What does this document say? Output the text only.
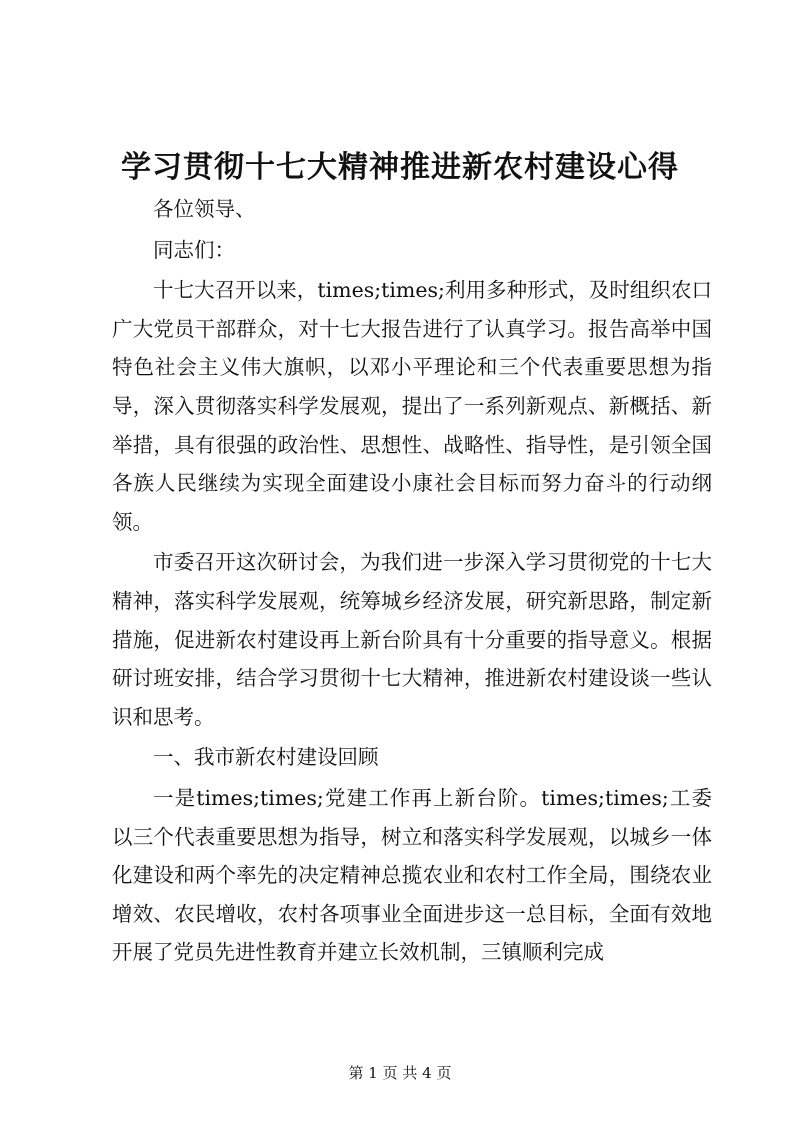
学习贯彻十七大精神推进新农村建设心得

各位领导、

同志们：

十七大召开以来，times;times;利用多种形式，及时组织农口广大党员干部群众，对十七大报告进行了认真学习。报告高举中国特色社会主义伟大旗帜，以邓小平理论和三个代表重要思想为指导，深入贯彻落实科学发展观，提出了一系列新观点、新概括、新举措，具有很强的政治性、思想性、战略性、指导性，是引领全国各族人民继续为实现全面建设小康社会目标而努力奋斗的行动纲领。

市委召开这次研讨会，为我们进一步深入学习贯彻党的十七大精神，落实科学发展观，统筹城乡经济发展，研究新思路，制定新措施，促进新农村建设再上新台阶具有十分重要的指导意义。根据研讨班安排，结合学习贯彻十七大精神，推进新农村建设谈一些认识和思考。

一、我市新农村建设回顾

一是times;times;党建工作再上新台阶。times;times;工委以三个代表重要思想为指导，树立和落实科学发展观，以城乡一体化建设和两个率先的决定精神总揽农业和农村工作全局，围绕农业增效、农民增收，农村各项事业全面进步这一总目标，全面有效地开展了党员先进性教育并建立长效机制，三镇顺利完成

第 1 页 共 4 页
